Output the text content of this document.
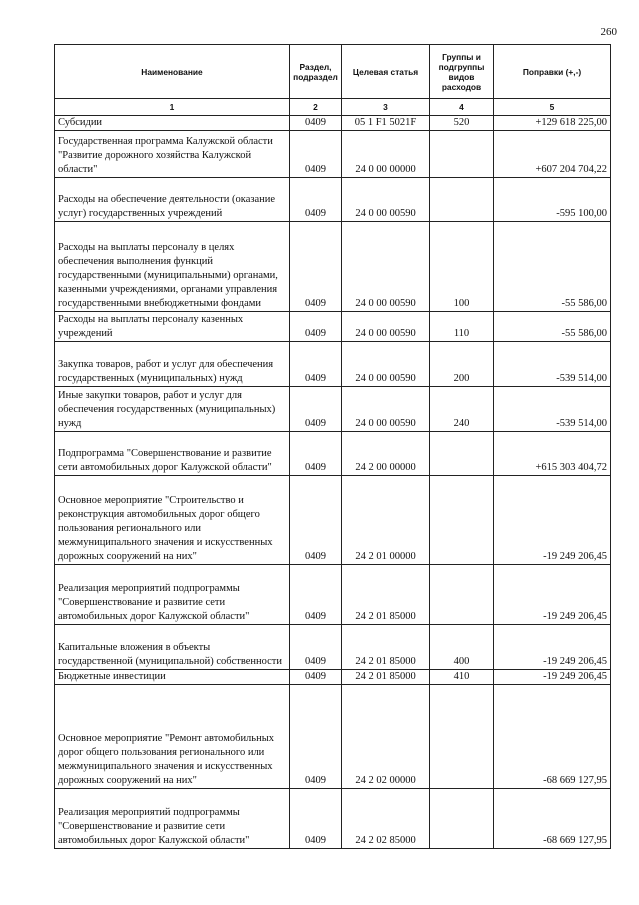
260
Наименование	Раздел, подраздел	Целевая статья	Группы и подгруппы видов расходов	Поправки (+,-)
1	2	3	4	5
Субсидии	0409	05 1 F1 5021F	520	+129 618 225,00
Государственная программа Калужской области "Развитие дорожного хозяйства Калужской области"	0409	24 0 00 00000		+607 204 704,22
Расходы на обеспечение деятельности (оказание услуг) государственных учреждений	0409	24 0 00 00590		-595 100,00
Расходы на выплаты персоналу в целях обеспечения выполнения функций государственными (муниципальными) органами, казенными учреждениями, органами управления государственными внебюджетными фондами	0409	24 0 00 00590	100	-55 586,00
Расходы на выплаты персоналу казенных учреждений	0409	24 0 00 00590	110	-55 586,00
Закупка товаров, работ и услуг для обеспечения государственных (муниципальных) нужд	0409	24 0 00 00590	200	-539 514,00
Иные закупки товаров, работ и услуг для обеспечения государственных (муниципальных) нужд	0409	24 0 00 00590	240	-539 514,00
Подпрограмма "Совершенствование и развитие сети автомобильных дорог Калужской области"	0409	24 2 00 00000		+615 303 404,72
Основное мероприятие "Строительство и реконструкция автомобильных дорог общего пользования регионального или межмуниципального значения и искусственных дорожных сооружений на них"	0409	24 2 01 00000		-19 249 206,45
Реализация мероприятий подпрограммы "Совершенствование и развитие сети автомобильных дорог Калужской области"	0409	24 2 01 85000		-19 249 206,45
Капитальные вложения в объекты государственной (муниципальной) собственности	0409	24 2 01 85000	400	-19 249 206,45
Бюджетные инвестиции	0409	24 2 01 85000	410	-19 249 206,45
Основное мероприятие "Ремонт автомобильных дорог общего пользования регионального или межмуниципального значения и искусственных дорожных сооружений на них"	0409	24 2 02 00000		-68 669 127,95
Реализация мероприятий подпрограммы "Совершенствование и развитие сети автомобильных дорог Калужской области"	0409	24 2 02 85000		-68 669 127,95
